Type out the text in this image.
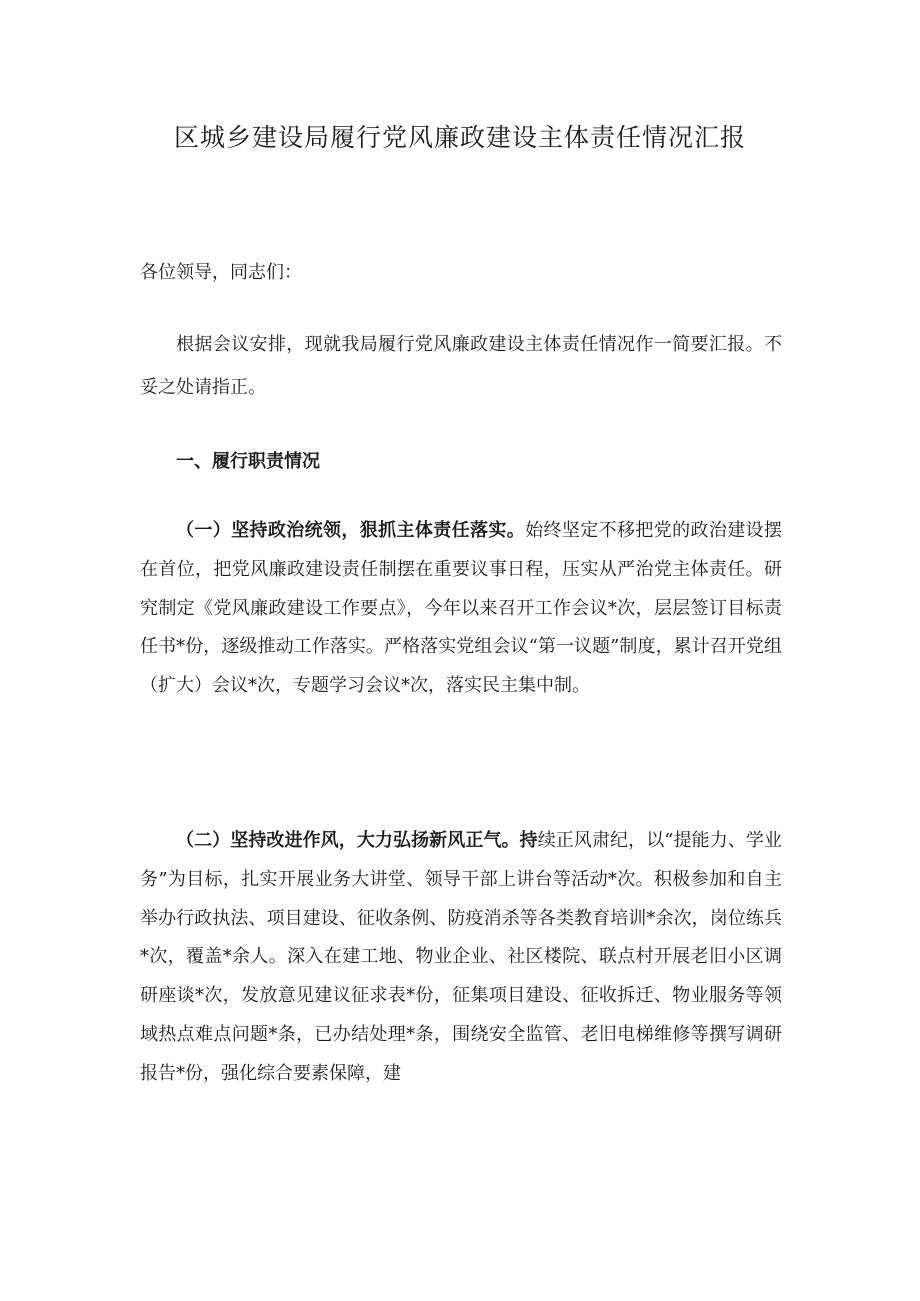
区城乡建设局履行党风廉政建设主体责任情况汇报

各位领导，同志们：

根据会议安排，现就我局履行党风廉政建设主体责任情况作一简要汇报。不妥之处请指正。

一、履行职责情况

（一）坚持政治统领，狠抓主体责任落实。始终坚定不移把党的政治建设摆在首位，把党风廉政建设责任制摆在重要议事日程，压实从严治党主体责任。研究制定《党风廉政建设工作要点》，今年以来召开工作会议*次，层层签订目标责任书*份，逐级推动工作落实。严格落实党组会议“第一议题”制度，累计召开党组（扩大）会议*次，专题学习会议*次，落实民主集中制。

（二）坚持改进作风，大力弘扬新风正气。持续正风肃纪，以“提能力、学业务”为目标，扎实开展业务大讲堂、领导干部上讲台等活动*次。积极参加和自主举办行政执法、项目建设、征收条例、防疫消杀等各类教育培训*余次，岗位练兵*次，覆盖*余人。深入在建工地、物业企业、社区楼院、联点村开展老旧小区调研座谈*次，发放意见建议征求表*份，征集项目建设、征收拆迁、物业服务等领域热点难点问题*条，已办结处理*条，围绕安全监管、老旧电梯维修等撰写调研报告*份，强化综合要素保障，建
